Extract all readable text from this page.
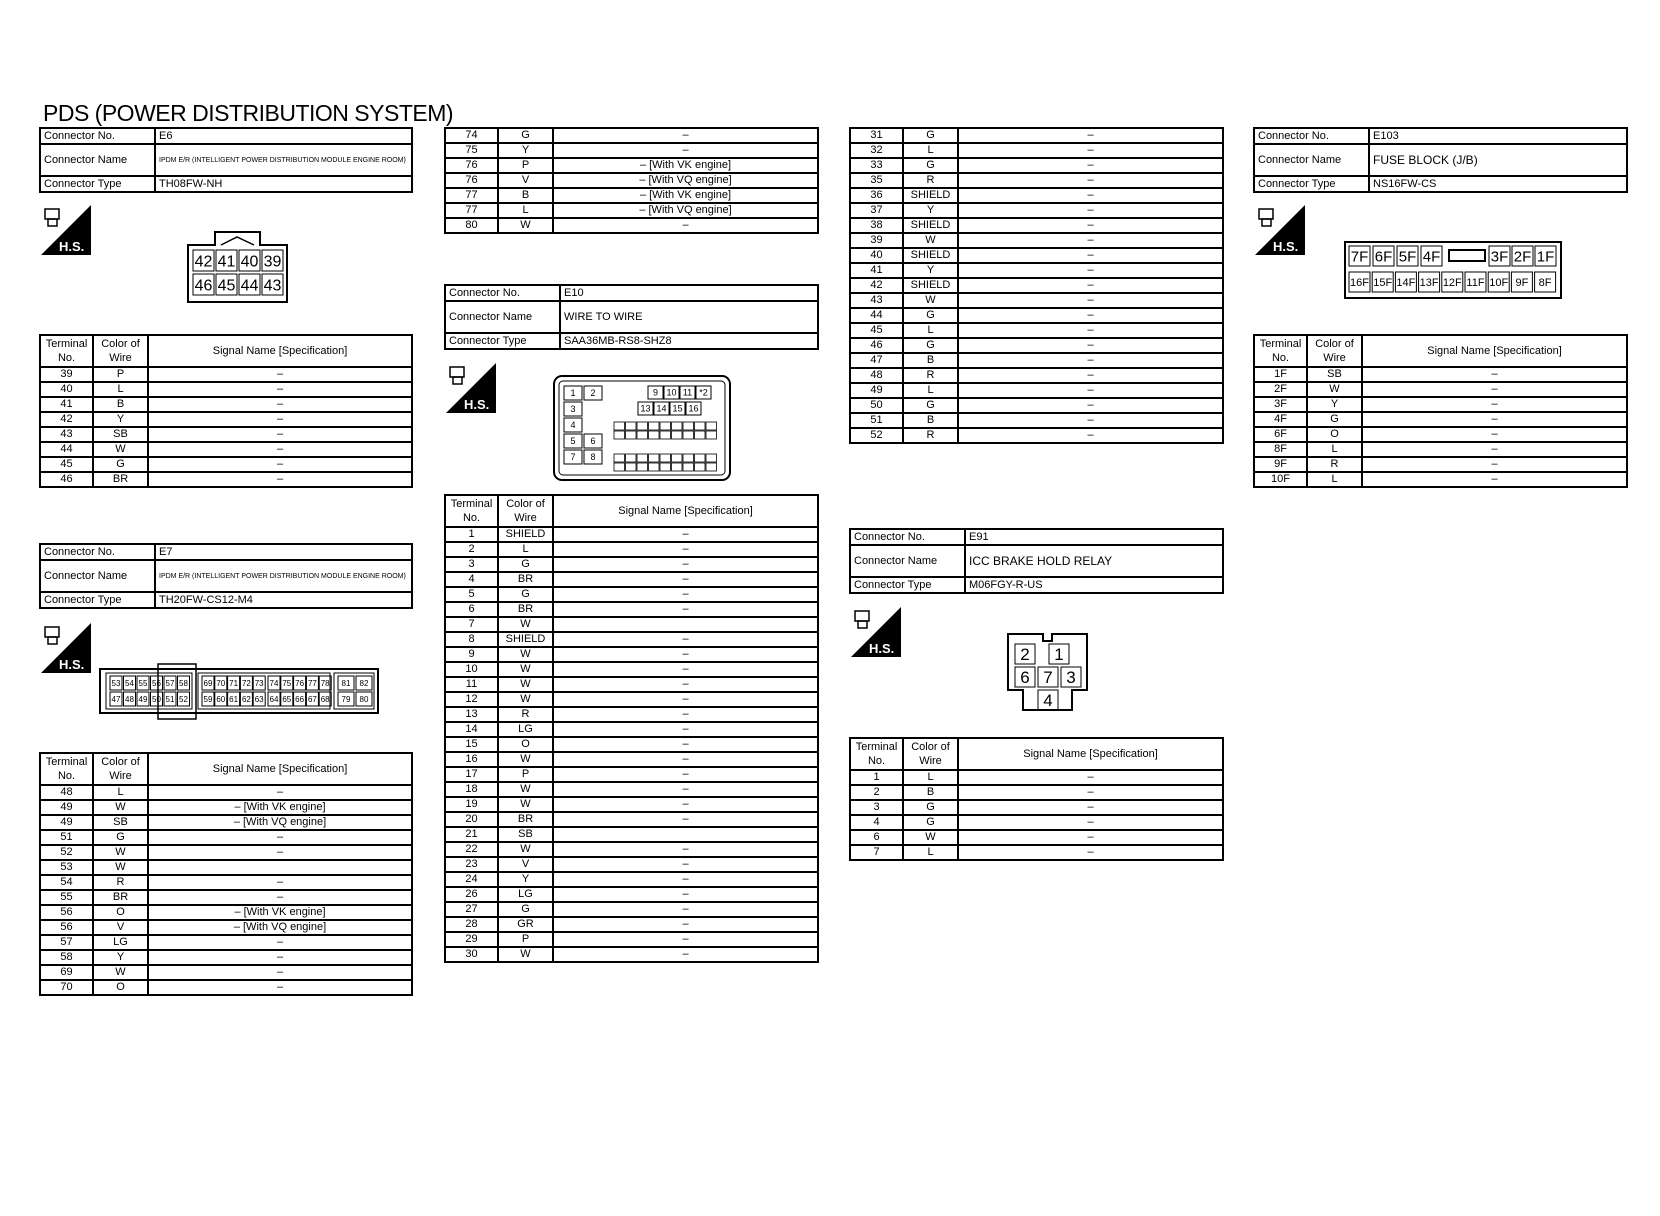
PDS (POWER DISTRIBUTION SYSTEM)
Connector No.	E6
Connector Name	IPDM E/R (INTELLIGENT POWER DISTRIBUTION MODULE ENGINE ROOM)
Connector Type	TH08FW-NH
H.S.
42 41 40 39
46 45 44 43
Terminal No.	Color of Wire	Signal Name [Specification]
39	P	–
40	L	–
41	B	–
42	Y	–
43	SB	–
44	W	–
45	G	–
46	BR	–
Connector No.	E7
Connector Name	IPDM E/R (INTELLIGENT POWER DISTRIBUTION MODULE ENGINE ROOM)
Connector Type	TH20FW-CS12-M4
H.S.
53 54 55 56 57 58 69 70 71 72 73 74 75 76 77 78 81 82
47 48 49 50 51 52 59 60 61 62 63 64 65 66 67 68 79 80
Terminal No.	Color of Wire	Signal Name [Specification]
48	L	–
49	W	– [With VK engine]
49	SB	– [With VQ engine]
51	G	–
52	W	–
53	W	
54	R	–
55	BR	–
56	O	– [With VK engine]
56	V	– [With VQ engine]
57	LG	–
58	Y	–
69	W	–
70	O	–
74	G	–
75	Y	–
76	P	– [With VK engine]
76	V	– [With VQ engine]
77	B	– [With VK engine]
77	L	– [With VQ engine]
80	W	–
Connector No.	E10
Connector Name	WIRE TO WIRE
Connector Type	SAA36MB-RS8-SHZ8
H.S.
1 2
3
4
5 6
7 8
9 10 11 *2
13 14 15 16
Terminal No.	Color of Wire	Signal Name [Specification]
1	SHIELD	–
2	L	–
3	G	–
4	BR	–
5	G	–
6	BR	–
7	W	
8	SHIELD	–
9	W	–
10	W	–
11	W	–
12	W	–
13	R	–
14	LG	–
15	O	–
16	W	–
17	P	–
18	W	–
19	W	–
20	BR	–
21	SB	
22	W	–
23	V	–
24	Y	–
26	LG	–
27	G	–
28	GR	–
29	P	–
30	W	–
31	G	–
32	L	–
33	G	–
35	R	–
36	SHIELD	–
37	Y	–
38	SHIELD	–
39	W	–
40	SHIELD	–
41	Y	–
42	SHIELD	–
43	W	–
44	G	–
45	L	–
46	G	–
47	B	–
48	R	–
49	L	–
50	G	–
51	B	–
52	R	–
Connector No.	E91
Connector Name	ICC BRAKE HOLD RELAY
Connector Type	M06FGY-R-US
H.S.	2 1
6 7 3
4
Terminal No.	Color of Wire	Signal Name [Specification]
1	L	–
2	B	–
3	G	–
4	G	–
6	W	–
7	L	–
Connector No.	E103
Connector Name	FUSE BLOCK (J/B)
Connector Type	NS16FW-CS
H.S.
7F 6F 5F 4F	3F 2F 1F
16F 15F 14F 13F 12F 11F 10F 9F 8F
Terminal No.	Color of Wire	Signal Name [Specification]
1F	SB	–
2F	W	–
3F	Y	–
4F	G	–
6F	O	–
8F	L	–
9F	R	–
10F	L	–
